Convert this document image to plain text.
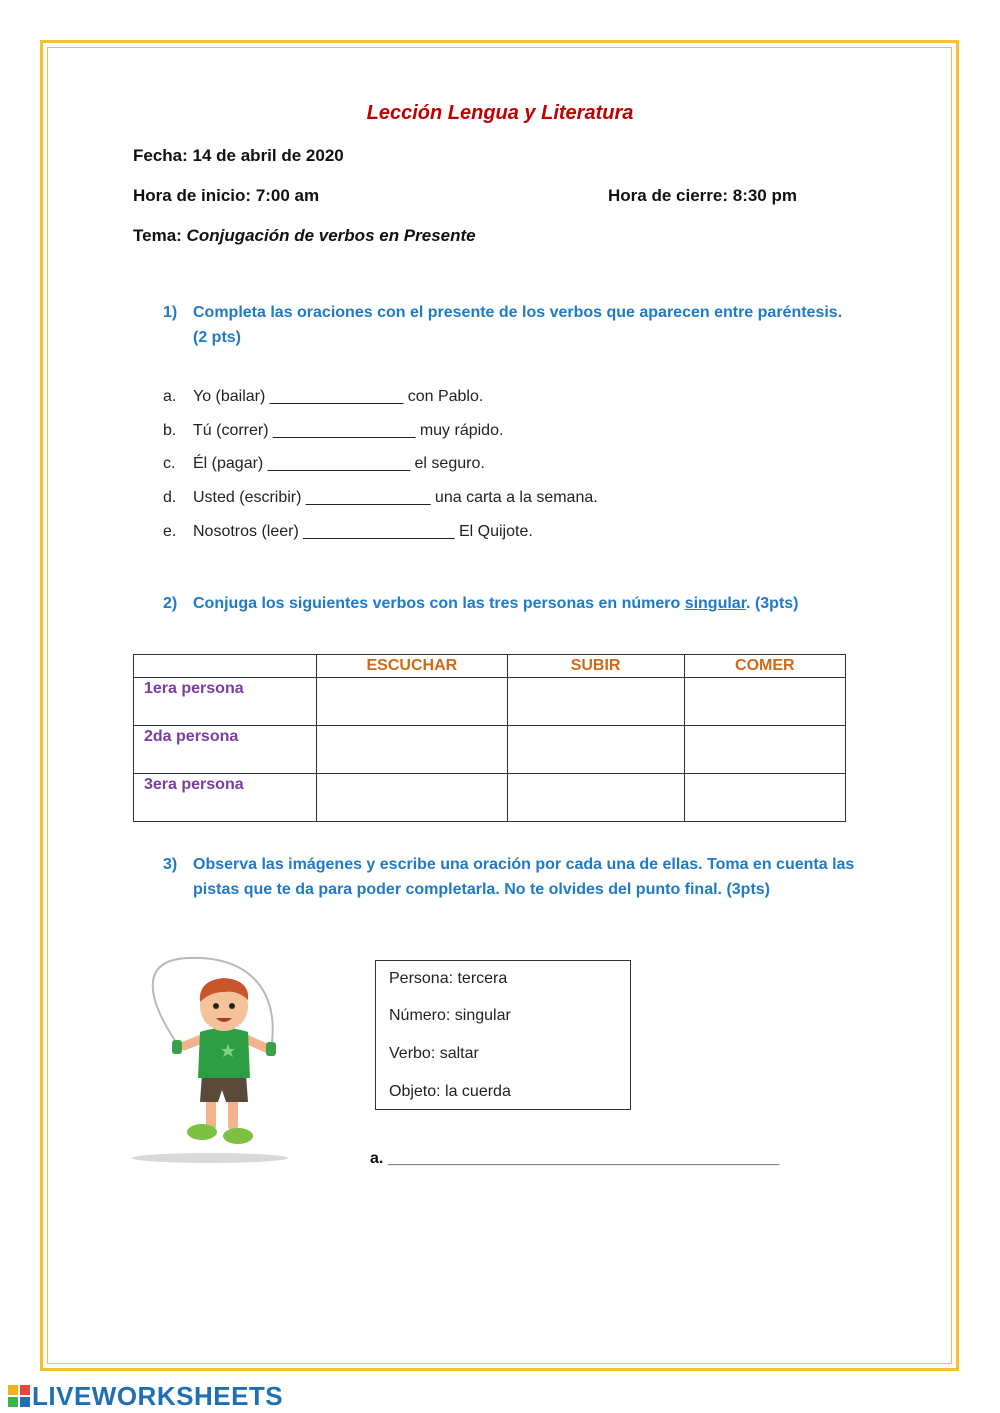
Lección Lengua y Literatura
Fecha: 14 de abril de 2020
Hora de inicio: 7:00 am	Hora de cierre: 8:30 pm
Tema: Conjugación de verbos en Presente
1) Completa las oraciones con el presente de los verbos que aparecen entre paréntesis. (2 pts)
a. Yo (bailar) _______________ con Pablo.
b. Tú (correr) ________________ muy rápido.
c. Él (pagar) ________________ el seguro.
d. Usted (escribir) ______________ una carta a la semana.
e. Nosotros (leer) _________________ El Quijote.
2) Conjuga los siguientes verbos con las tres personas en número singular. (3pts)
	ESCUCHAR	SUBIR	COMER
1era persona			
2da persona			
3era persona			
3) Observa las imágenes y escribe una oración por cada una de ellas. Toma en cuenta las pistas que te da para poder completarla. No te olvides del punto final. (3pts)
Persona: tercera
Número: singular
Verbo: saltar
Objeto: la cuerda
a. ____________________________________________
LIVEWORKSHEETS
